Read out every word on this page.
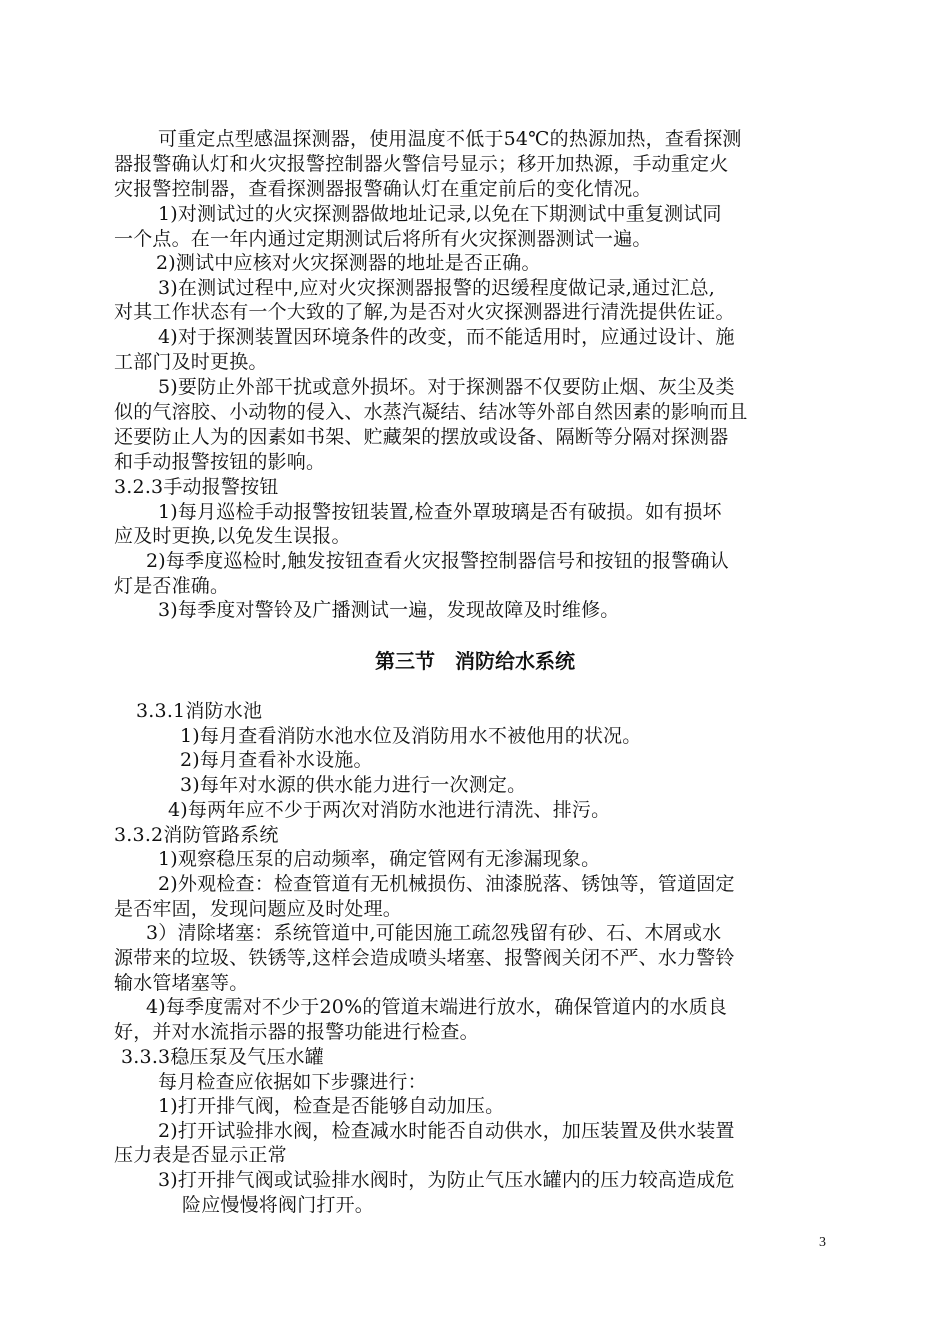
可重定点型感温探测器，使用温度不低于54℃的热源加热，查看探测
器报警确认灯和火灾报警控制器火警信号显示；移开加热源，手动重定火
灾报警控制器，查看探测器报警确认灯在重定前后的变化情况。
1)对测试过的火灾探测器做地址记录,以免在下期测试中重复测试同
一个点。在一年内通过定期测试后将所有火灾探测器测试一遍。
2)测试中应核对火灾探测器的地址是否正确。
3)在测试过程中,应对火灾探测器报警的迟缓程度做记录,通过汇总,
对其工作状态有一个大致的了解,为是否对火灾探测器进行清洗提供佐证。
4)对于探测装置因环境条件的改变，而不能适用时，应通过设计、施
工部门及时更换。
5)要防止外部干扰或意外损坏。对于探测器不仅要防止烟、灰尘及类
似的气溶胶、小动物的侵入、水蒸汽凝结、结冰等外部自然因素的影响而且
还要防止人为的因素如书架、贮藏架的摆放或设备、隔断等分隔对探测器
和手动报警按钮的影响。
3.2.3手动报警按钮
1)每月巡检手动报警按钮装置,检查外罩玻璃是否有破损。如有损坏
应及时更换,以免发生误报。
2)每季度巡检时,触发按钮查看火灾报警控制器信号和按钮的报警确认
灯是否准确。
3)每季度对警铃及广播测试一遍，发现故障及时维修。
第三节　消防给水系统
3.3.1消防水池
1)每月查看消防水池水位及消防用水不被他用的状况。
2)每月查看补水设施。
3)每年对水源的供水能力进行一次测定。
4)每两年应不少于两次对消防水池进行清洗、排污。
3.3.2消防管路系统
1)观察稳压泵的启动频率，确定管网有无渗漏现象。
2)外观检查：检查管道有无机械损伤、油漆脱落、锈蚀等，管道固定
是否牢固，发现问题应及时处理。
3）清除堵塞：系统管道中,可能因施工疏忽残留有砂、石、木屑或水
源带来的垃圾、铁锈等,这样会造成喷头堵塞、报警阀关闭不严、水力警铃
输水管堵塞等。
4)每季度需对不少于20%的管道末端进行放水，确保管道内的水质良
好，并对水流指示器的报警功能进行检查。
3.3.3稳压泵及气压水罐
每月检查应依据如下步骤进行：
1)打开排气阀，检查是否能够自动加压。
2)打开试验排水阀，检查减水时能否自动供水，加压装置及供水装置
压力表是否显示正常
3)打开排气阀或试验排水阀时，为防止气压水罐内的压力较高造成危
险应慢慢将阀门打开。
3
